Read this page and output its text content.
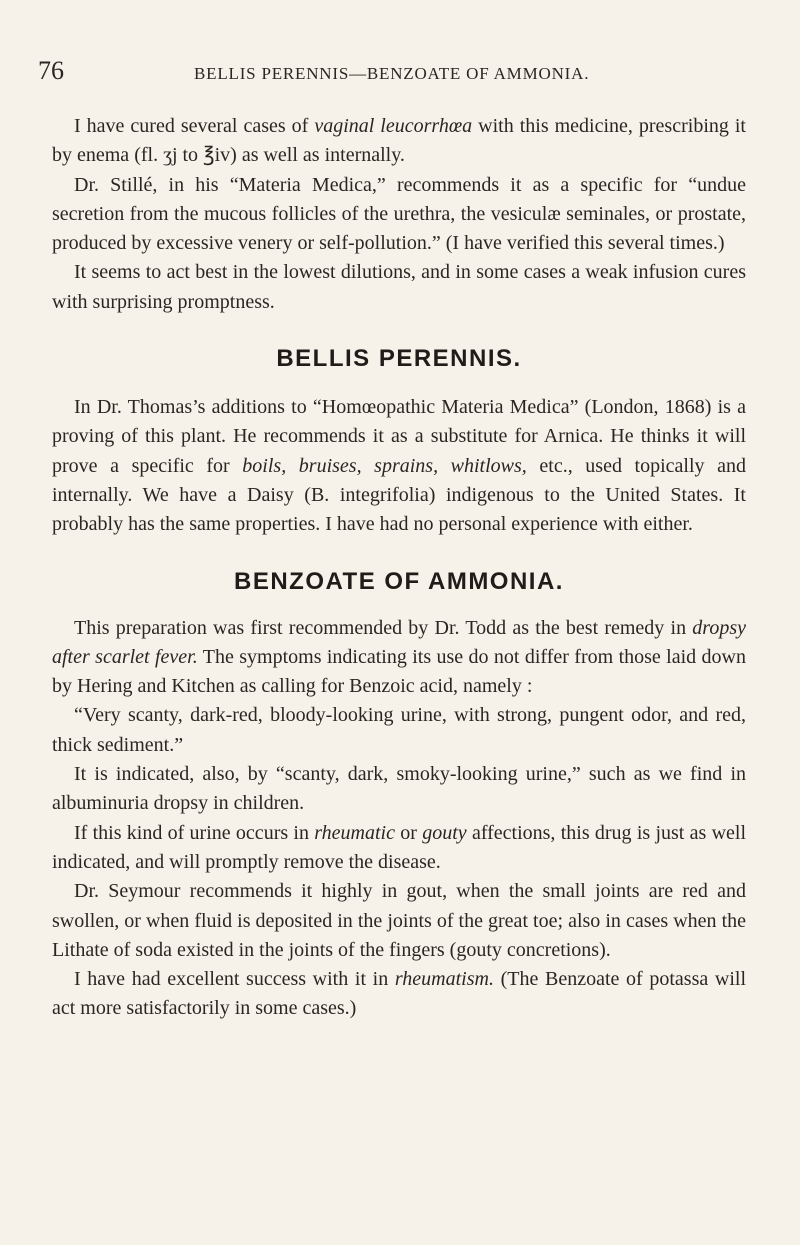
76	BELLIS PERENNIS—BENZOATE OF AMMONIA.

I have cured several cases of vaginal leucorrhœa with this medicine, prescribing it by enema (fl. ʒj to ℥iv) as well as internally.

Dr. Stillé, in his “Materia Medica,” recommends it as a specific for “undue secretion from the mucous follicles of the urethra, the vesiculæ seminales, or prostate, produced by excessive venery or self-pollution.” (I have verified this several times.)

It seems to act best in the lowest dilutions, and in some cases a weak infusion cures with surprising promptness.

BELLIS PERENNIS.

In Dr. Thomas’s additions to “Homœopathic Materia Medica” (London, 1868) is a proving of this plant. He recommends it as a substitute for Arnica. He thinks it will prove a specific for boils, bruises, sprains, whitlows, etc., used topically and internally. We have a Daisy (B. integrifolia) indigenous to the United States. It probably has the same properties. I have had no personal experience with either.

BENZOATE OF AMMONIA.

This preparation was first recommended by Dr. Todd as the best remedy in dropsy after scarlet fever. The symptoms indicating its use do not differ from those laid down by Hering and Kitchen as calling for Benzoic acid, namely :

“Very scanty, dark-red, bloody-looking urine, with strong, pungent odor, and red, thick sediment.”

It is indicated, also, by “scanty, dark, smoky-looking urine,” such as we find in albuminuria dropsy in children.

If this kind of urine occurs in rheumatic or gouty affections, this drug is just as well indicated, and will promptly remove the disease.

Dr. Seymour recommends it highly in gout, when the small joints are red and swollen, or when fluid is deposited in the joints of the great toe; also in cases when the Lithate of soda existed in the joints of the fingers (gouty concretions).

I have had excellent success with it in rheumatism. (The Benzoate of potassa will act more satisfactorily in some cases.)
